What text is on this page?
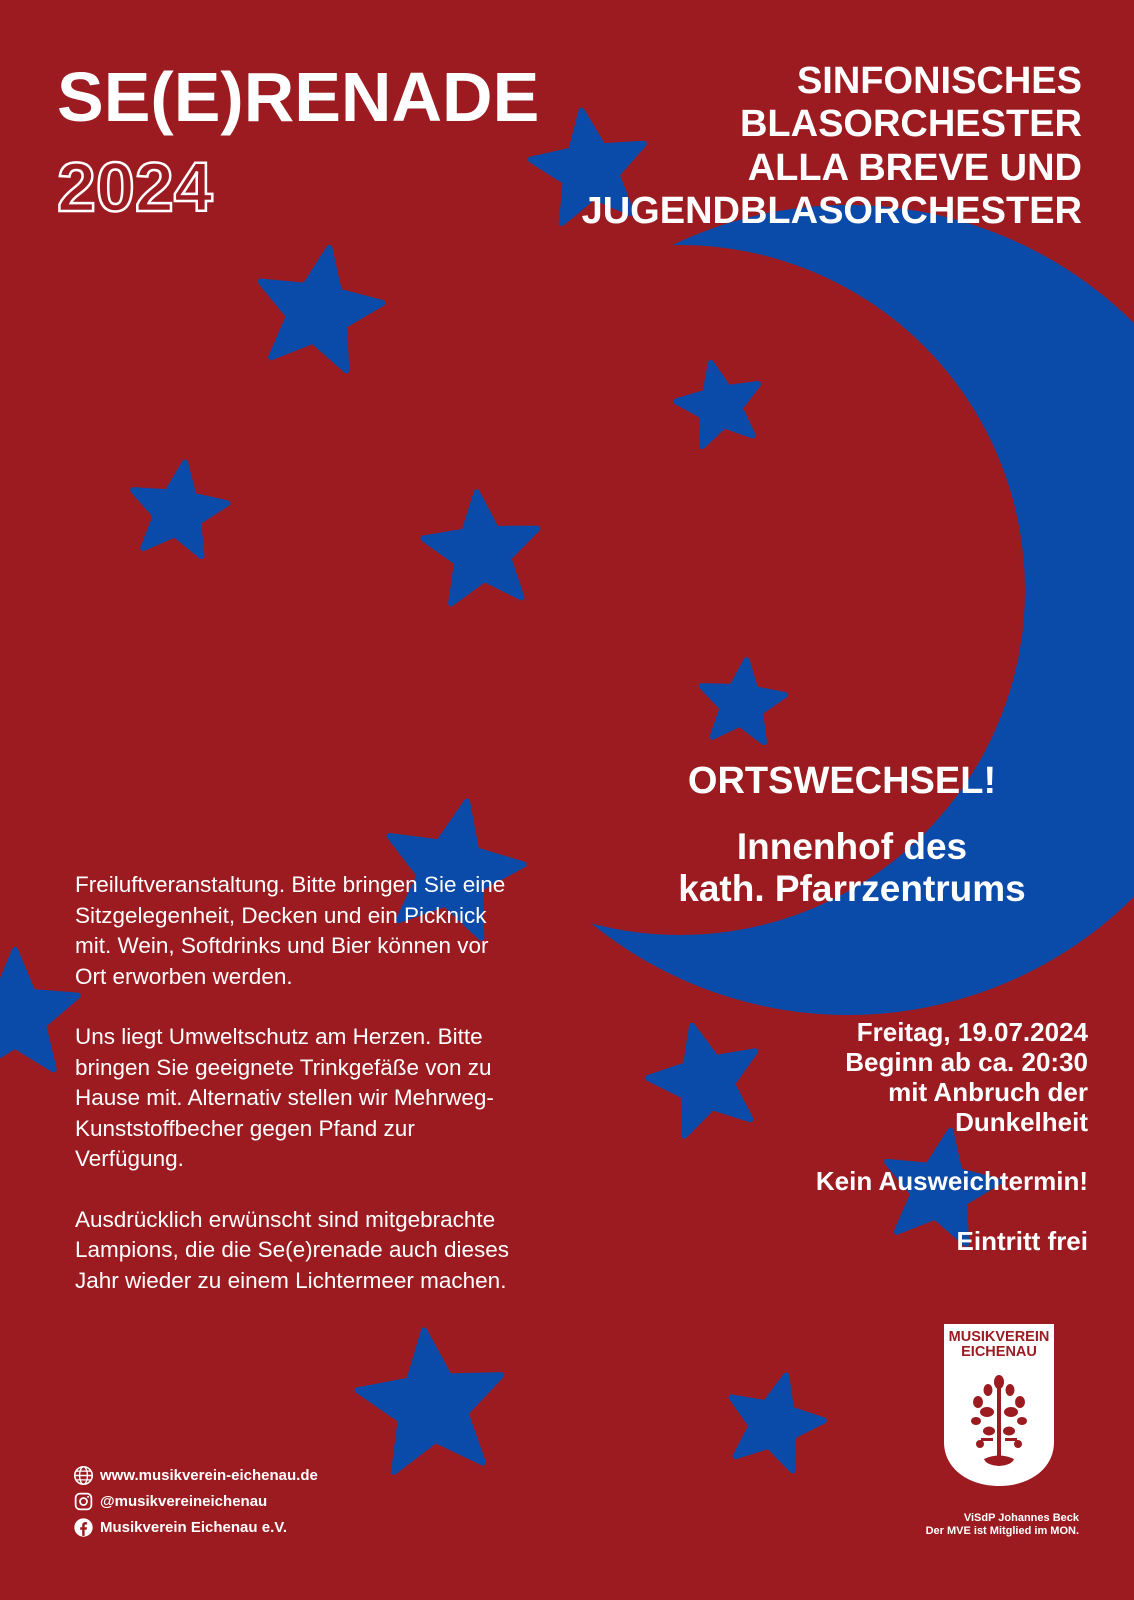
SE(E)RENADE
2024
SINFONISCHES
BLASORCHESTER
ALLA BREVE UND
JUGENDBLASORCHESTER
ORTSWECHSEL!
Innenhof des
kath. Pfarrzentrums
Freitag, 19.07.2024
Beginn ab ca. 20:30
mit Anbruch der
Dunkelheit
Kein Ausweichtermin!
Eintritt frei

Freiluftveranstaltung. Bitte bringen Sie eine Sitzgelegenheit, Decken und ein Picknick mit. Wein, Softdrinks und Bier können vor Ort erworben werden.

Uns liegt Umweltschutz am Herzen. Bitte bringen Sie geeignete Trinkgefäße von zu Hause mit. Alternativ stellen wir Mehrweg-Kunststoffbecher gegen Pfand zur Verfügung.

Ausdrücklich erwünscht sind mitgebrachte Lampions, die die Se(e)renade auch dieses Jahr wieder zu einem Lichtermeer machen.

www.musikverein-eichenau.de
@musikvereineichenau
Musikverein Eichenau e.V.
MUSIKVEREIN
EICHENAU
ViSdP Johannes Beck
Der MVE ist Mitglied im MON.
